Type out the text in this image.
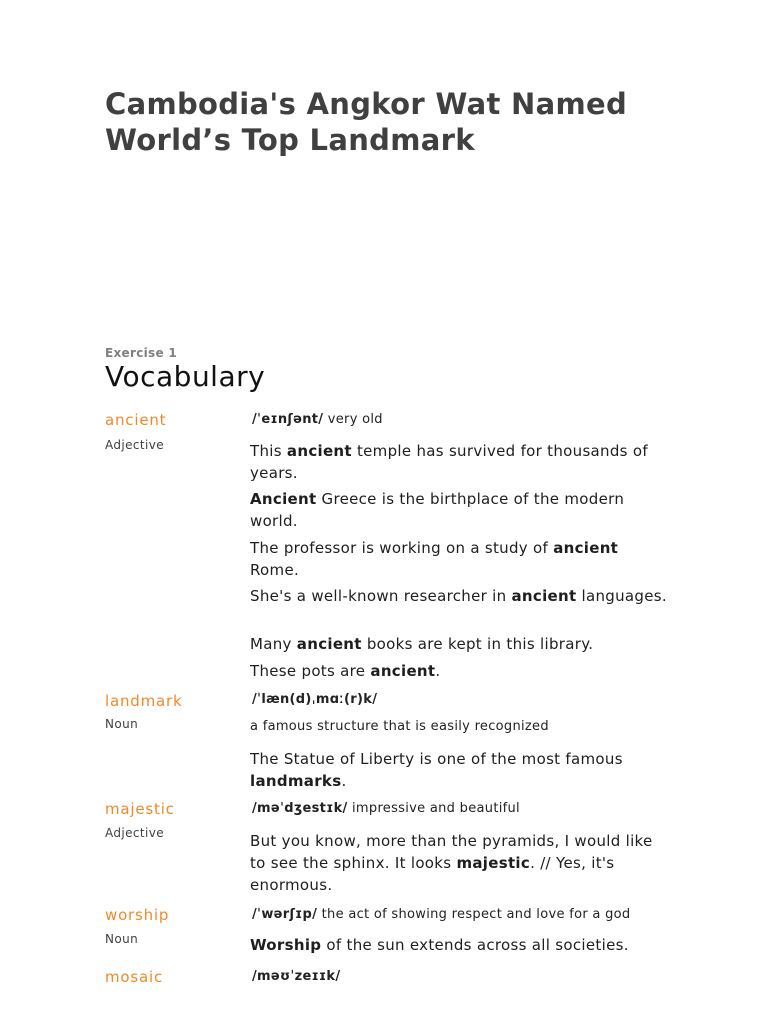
Cambodia's Angkor Wat Named World’s Top Landmark
Exercise 1
Vocabulary
ancient
Adjective
/ˈeɪnʃənt/ very old
This ancient temple has survived for thousands of years.
Ancient Greece is the birthplace of the modern world.
The professor is working on a study of ancient Rome.
She's a well-known researcher in ancient languages.
Many ancient books are kept in this library.
These pots are ancient.
landmark
Noun
/ˈlæn(d)ˌmɑː(r)k/
a famous structure that is easily recognized
The Statue of Liberty is one of the most famous landmarks.
majestic
Adjective
/məˈdʒestɪk/ impressive and beautiful
But you know, more than the pyramids, I would like to see the sphinx. It looks majestic. // Yes, it's enormous.
worship
Noun
/ˈwərʃɪp/ the act of showing respect and love for a god
Worship of the sun extends across all societies.
mosaic	/məʊˈzeɪɪk/
